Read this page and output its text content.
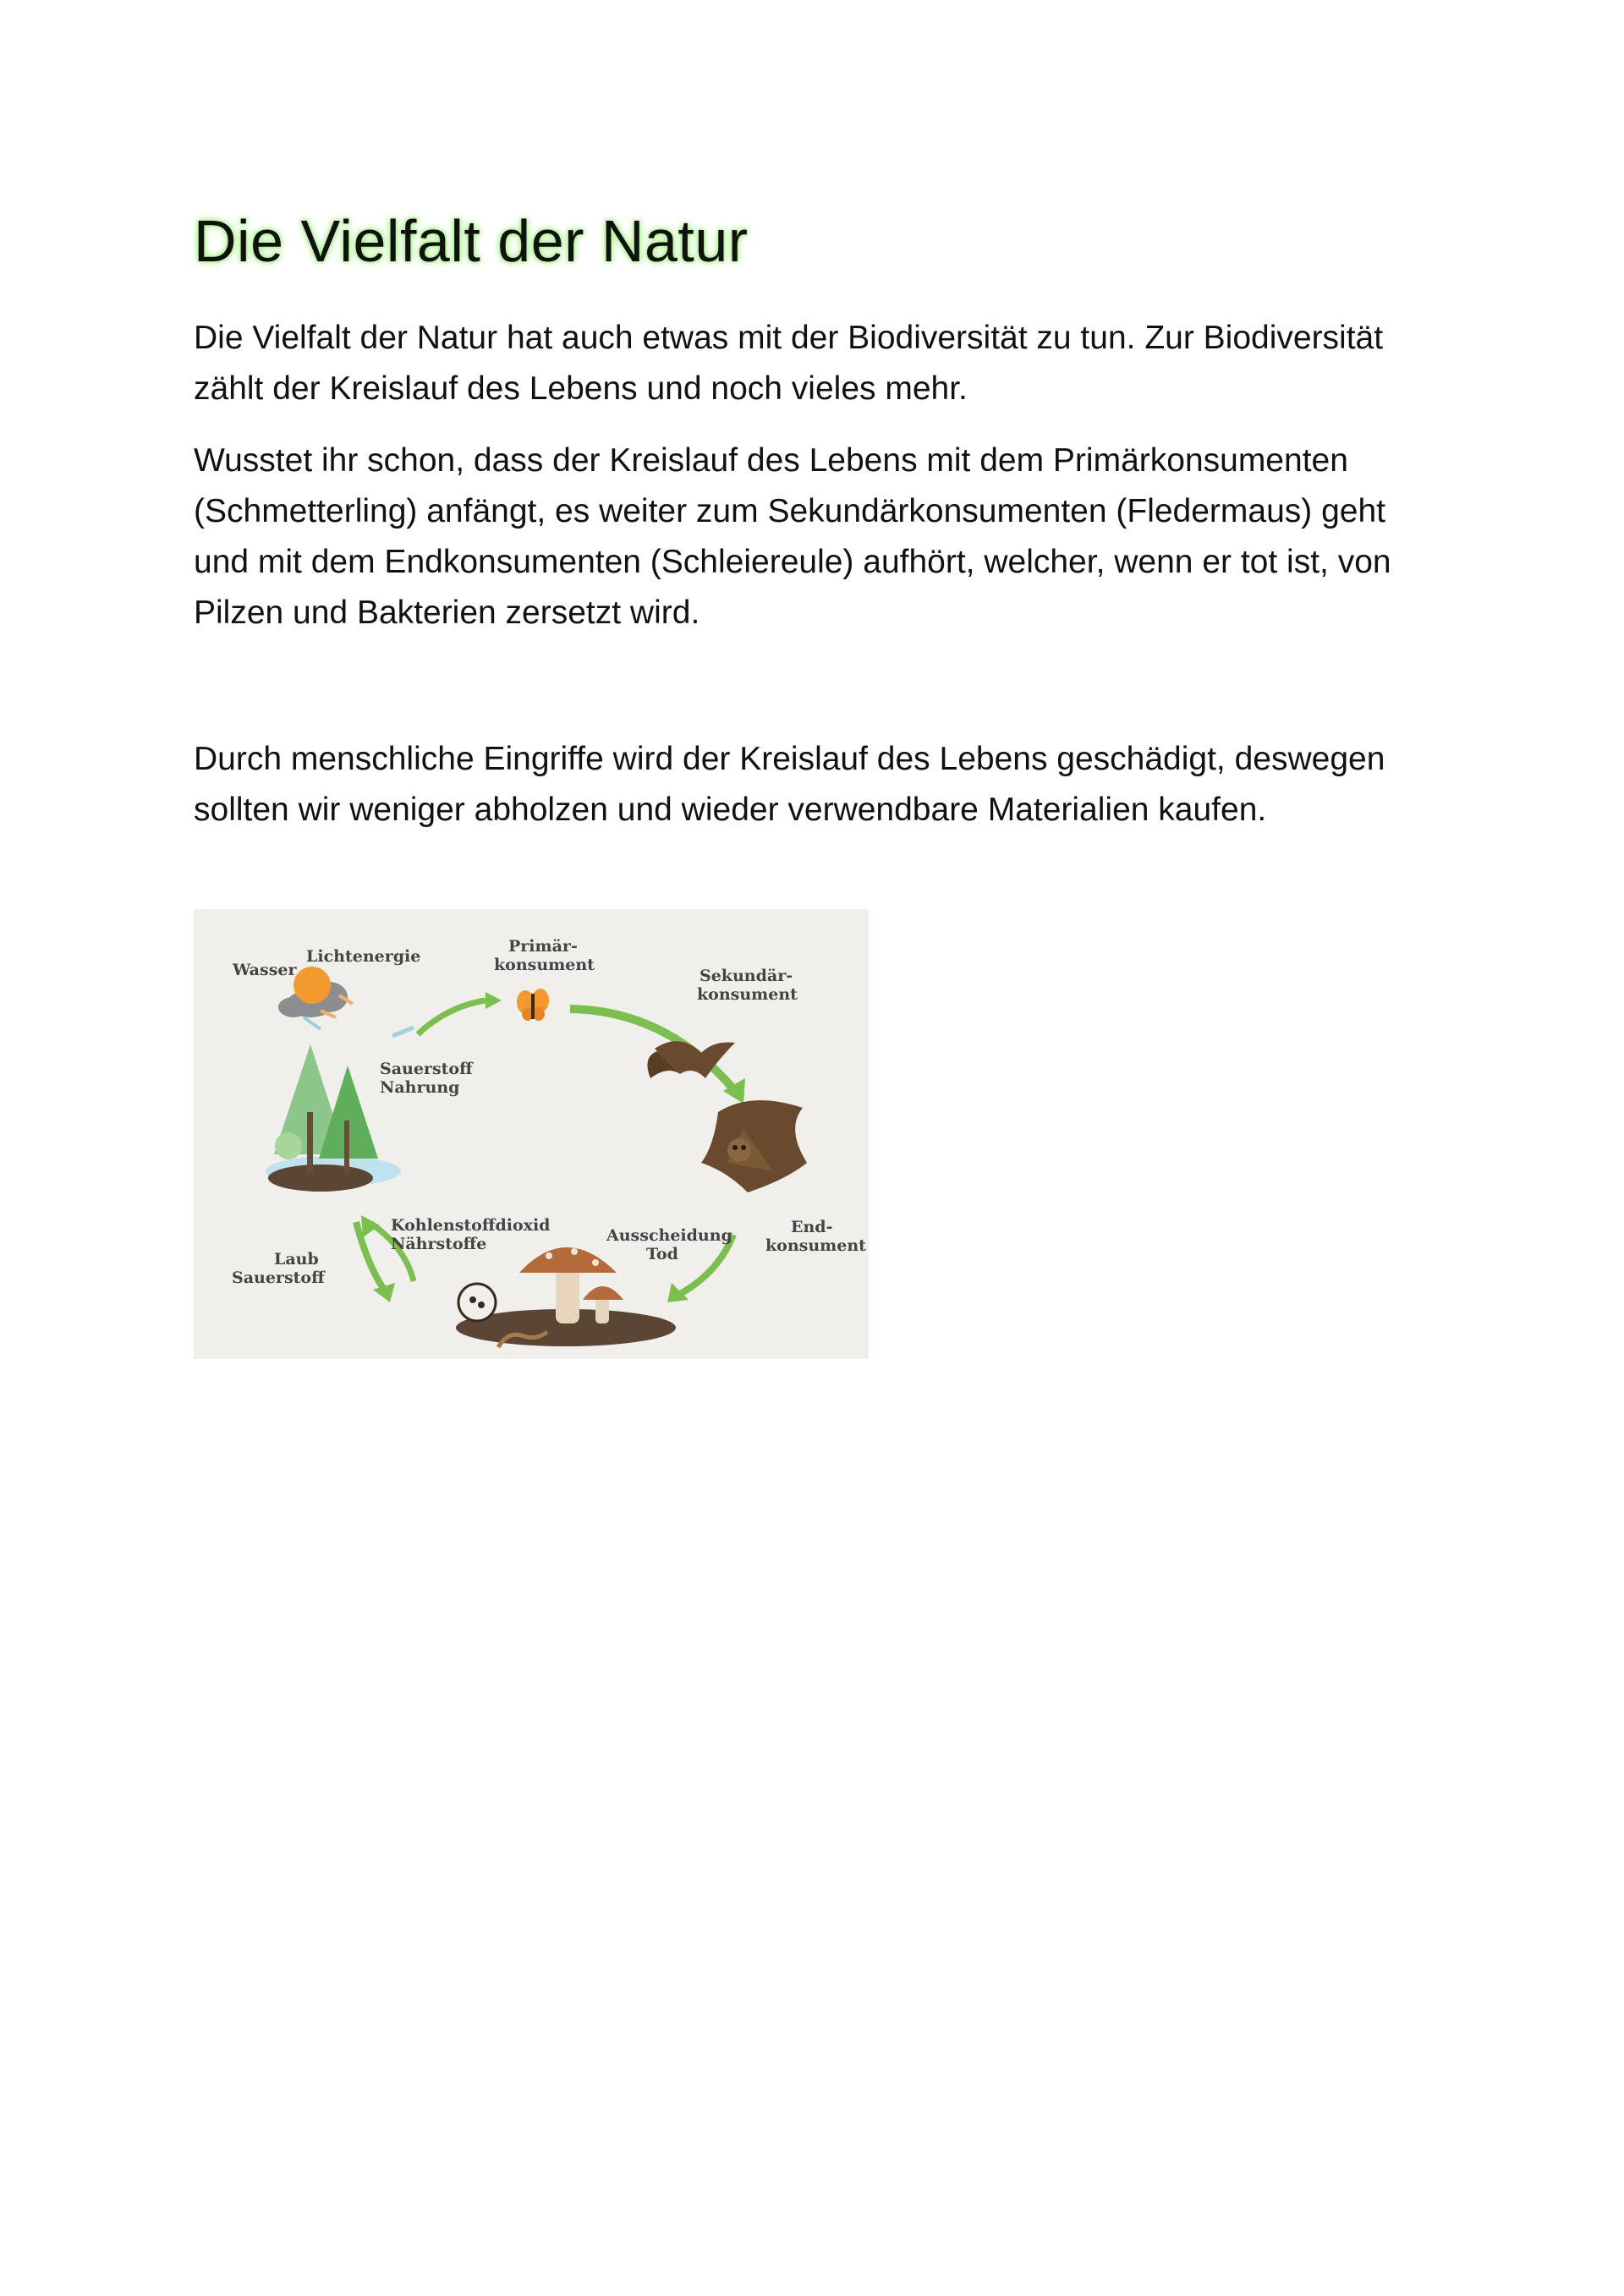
Die Vielfalt der Natur

Die Vielfalt der Natur hat auch etwas mit der Biodiversität zu tun. Zur Biodiversität zählt der Kreislauf des Lebens und noch vieles mehr.

Wusstet ihr schon, dass der Kreislauf des Lebens mit dem Primärkonsumenten (Schmetterling) anfängt, es weiter zum Sekundärkonsumenten (Fledermaus) geht und mit dem Endkonsumenten (Schleiereule) aufhört, welcher, wenn er tot ist, von Pilzen und Bakterien zersetzt wird.

Durch menschliche Eingriffe wird der Kreislauf des Lebens geschädigt, deswegen sollten wir weniger abholzen und wieder verwendbare Materialien kaufen.

Wasser
Lichtenergie
Primär-
konsument
Sekundär-
konsument
Sauerstoff
Nahrung
Kohlenstoffdioxid
Nährstoffe	Ausscheidung
Tod
End-
konsument
Laub
Sauerstoff
